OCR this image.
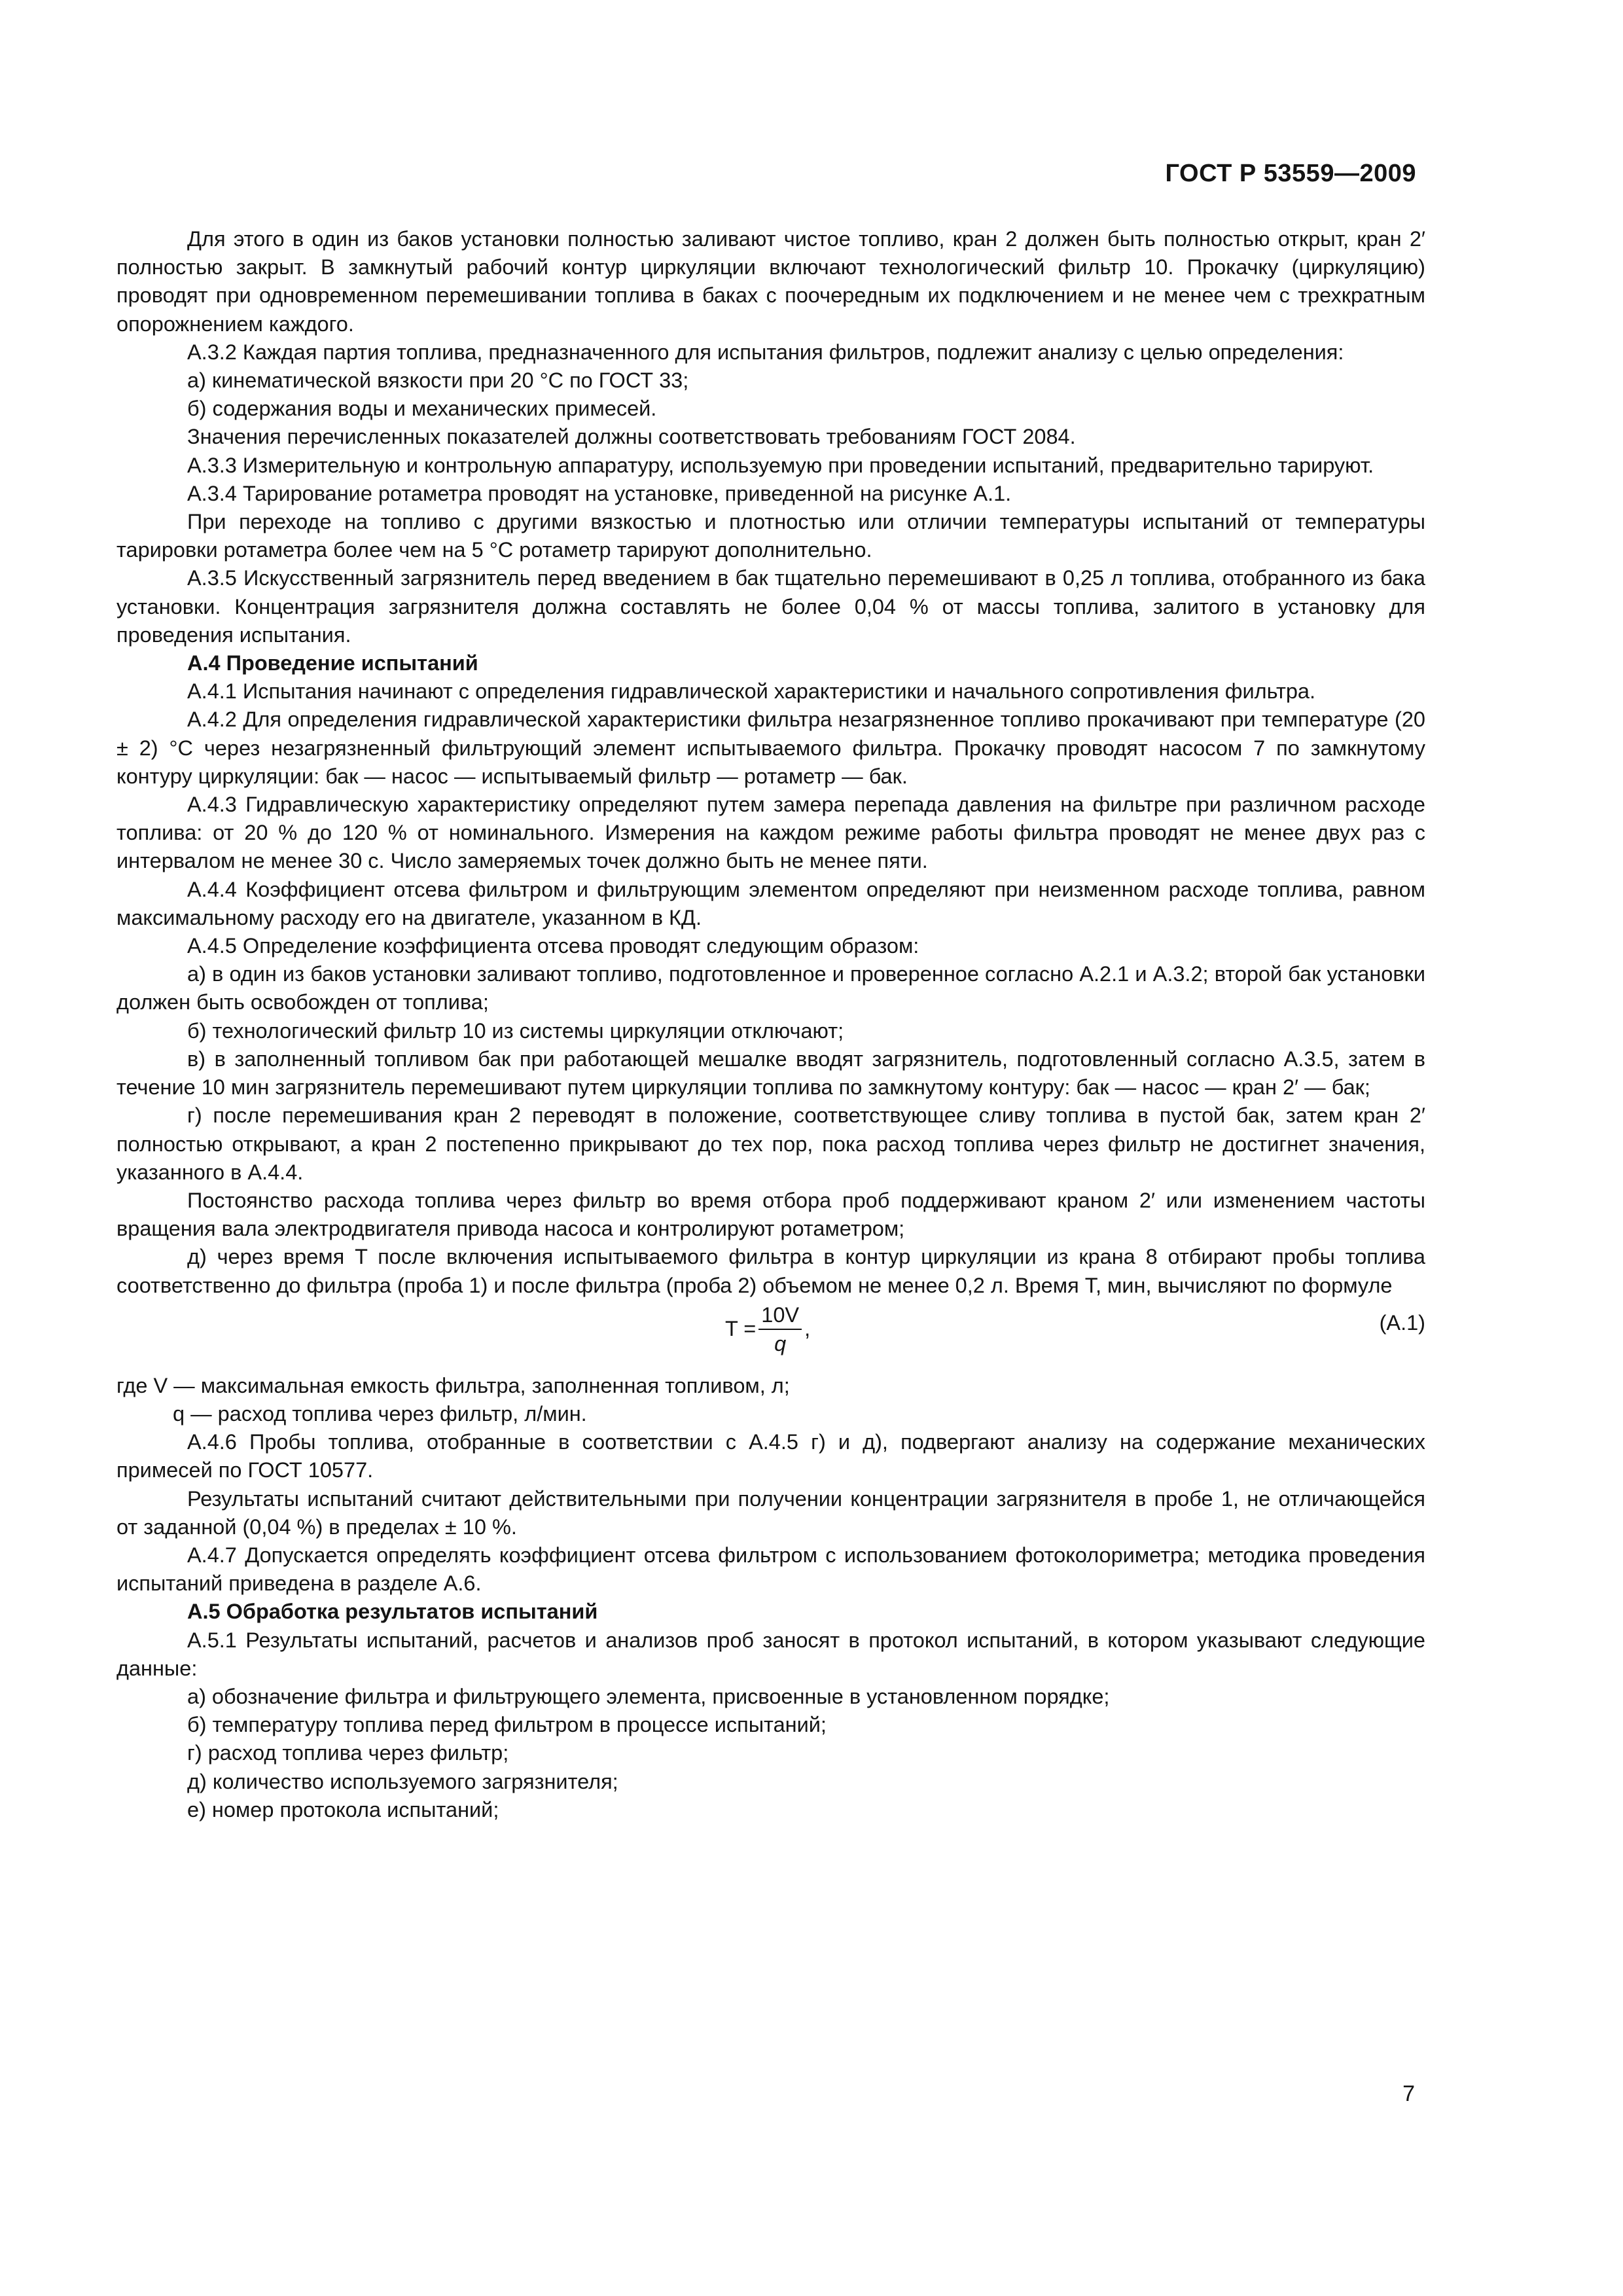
ГОСТ Р 53559—2009

Для этого в один из баков установки полностью заливают чистое топливо, кран 2 должен быть полностью открыт, кран 2′ полностью закрыт. В замкнутый рабочий контур циркуляции включают технологический фильтр 10. Прокачку (циркуляцию) проводят при одновременном перемешивании топлива в баках с поочередным их подключением и не менее чем с трехкратным опорожнением каждого.

А.3.2 Каждая партия топлива, предназначенного для испытания фильтров, подлежит анализу с целью определения:

а) кинематической вязкости при 20 °С по ГОСТ 33;

б) содержания воды и механических примесей.

Значения перечисленных показателей должны соответствовать требованиям ГОСТ 2084.

А.3.3 Измерительную и контрольную аппаратуру, используемую при проведении испытаний, предварительно тарируют.

А.3.4 Тарирование ротаметра проводят на установке, приведенной на рисунке А.1.

При переходе на топливо с другими вязкостью и плотностью или отличии температуры испытаний от температуры тарировки ротаметра более чем на 5 °С ротаметр тарируют дополнительно.

А.3.5 Искусственный загрязнитель перед введением в бак тщательно перемешивают в 0,25 л топлива, отобранного из бака установки. Концентрация загрязнителя должна составлять не более 0,04 % от массы топлива, залитого в установку для проведения испытания.

А.4 Проведение испытаний

А.4.1 Испытания начинают с определения гидравлической характеристики и начального сопротивления фильтра.

А.4.2 Для определения гидравлической характеристики фильтра незагрязненное топливо прокачивают при температуре (20 ± 2) °С через незагрязненный фильтрующий элемент испытываемого фильтра. Прокачку проводят насосом 7 по замкнутому контуру циркуляции: бак — насос — испытываемый фильтр — ротаметр — бак.

А.4.3 Гидравлическую характеристику определяют путем замера перепада давления на фильтре при различном расходе топлива: от 20 % до 120 % от номинального. Измерения на каждом режиме работы фильтра проводят не менее двух раз с интервалом не менее 30 с. Число замеряемых точек должно быть не менее пяти.

А.4.4 Коэффициент отсева фильтром и фильтрующим элементом определяют при неизменном расходе топлива, равном максимальному расходу его на двигателе, указанном в КД.

А.4.5 Определение коэффициента отсева проводят следующим образом:

а) в один из баков установки заливают топливо, подготовленное и проверенное согласно А.2.1 и А.3.2; второй бак установки должен быть освобожден от топлива;

б) технологический фильтр 10 из системы циркуляции отключают;

в) в заполненный топливом бак при работающей мешалке вводят загрязнитель, подготовленный согласно А.3.5, затем в течение 10 мин загрязнитель перемешивают путем циркуляции топлива по замкнутому контуру: бак — насос — кран 2′ — бак;

г) после перемешивания кран 2 переводят в положение, соответствующее сливу топлива в пустой бак, затем кран 2′ полностью открывают, а кран 2 постепенно прикрывают до тех пор, пока расход топлива через фильтр не достигнет значения, указанного в А.4.4.

Постоянство расхода топлива через фильтр во время отбора проб поддерживают краном 2′ или изменением частоты вращения вала электродвигателя привода насоса и контролируют ротаметром;

д) через время T после включения испытываемого фильтра в контур циркуляции из крана 8 отбирают пробы топлива соответственно до фильтра (проба 1) и после фильтра (проба 2) объемом не менее 0,2 л. Время T, мин, вычисляют по формуле

$T = \frac{10V}{q}$ ,	(А.1)

где V — максимальная емкость фильтра, заполненная топливом, л;

q — расход топлива через фильтр, л/мин.

А.4.6 Пробы топлива, отобранные в соответствии с А.4.5 г) и д), подвергают анализу на содержание механических примесей по ГОСТ 10577.

Результаты испытаний считают действительными при получении концентрации загрязнителя в пробе 1, не отличающейся от заданной (0,04 %) в пределах ± 10 %.

А.4.7 Допускается определять коэффициент отсева фильтром с использованием фотоколориметра; методика проведения испытаний приведена в разделе А.6.

А.5 Обработка результатов испытаний

А.5.1 Результаты испытаний, расчетов и анализов проб заносят в протокол испытаний, в котором указывают следующие данные:

а) обозначение фильтра и фильтрующего элемента, присвоенные в установленном порядке;

б) температуру топлива перед фильтром в процессе испытаний;

г) расход топлива через фильтр;

д) количество используемого загрязнителя;

е) номер протокола испытаний;

7
